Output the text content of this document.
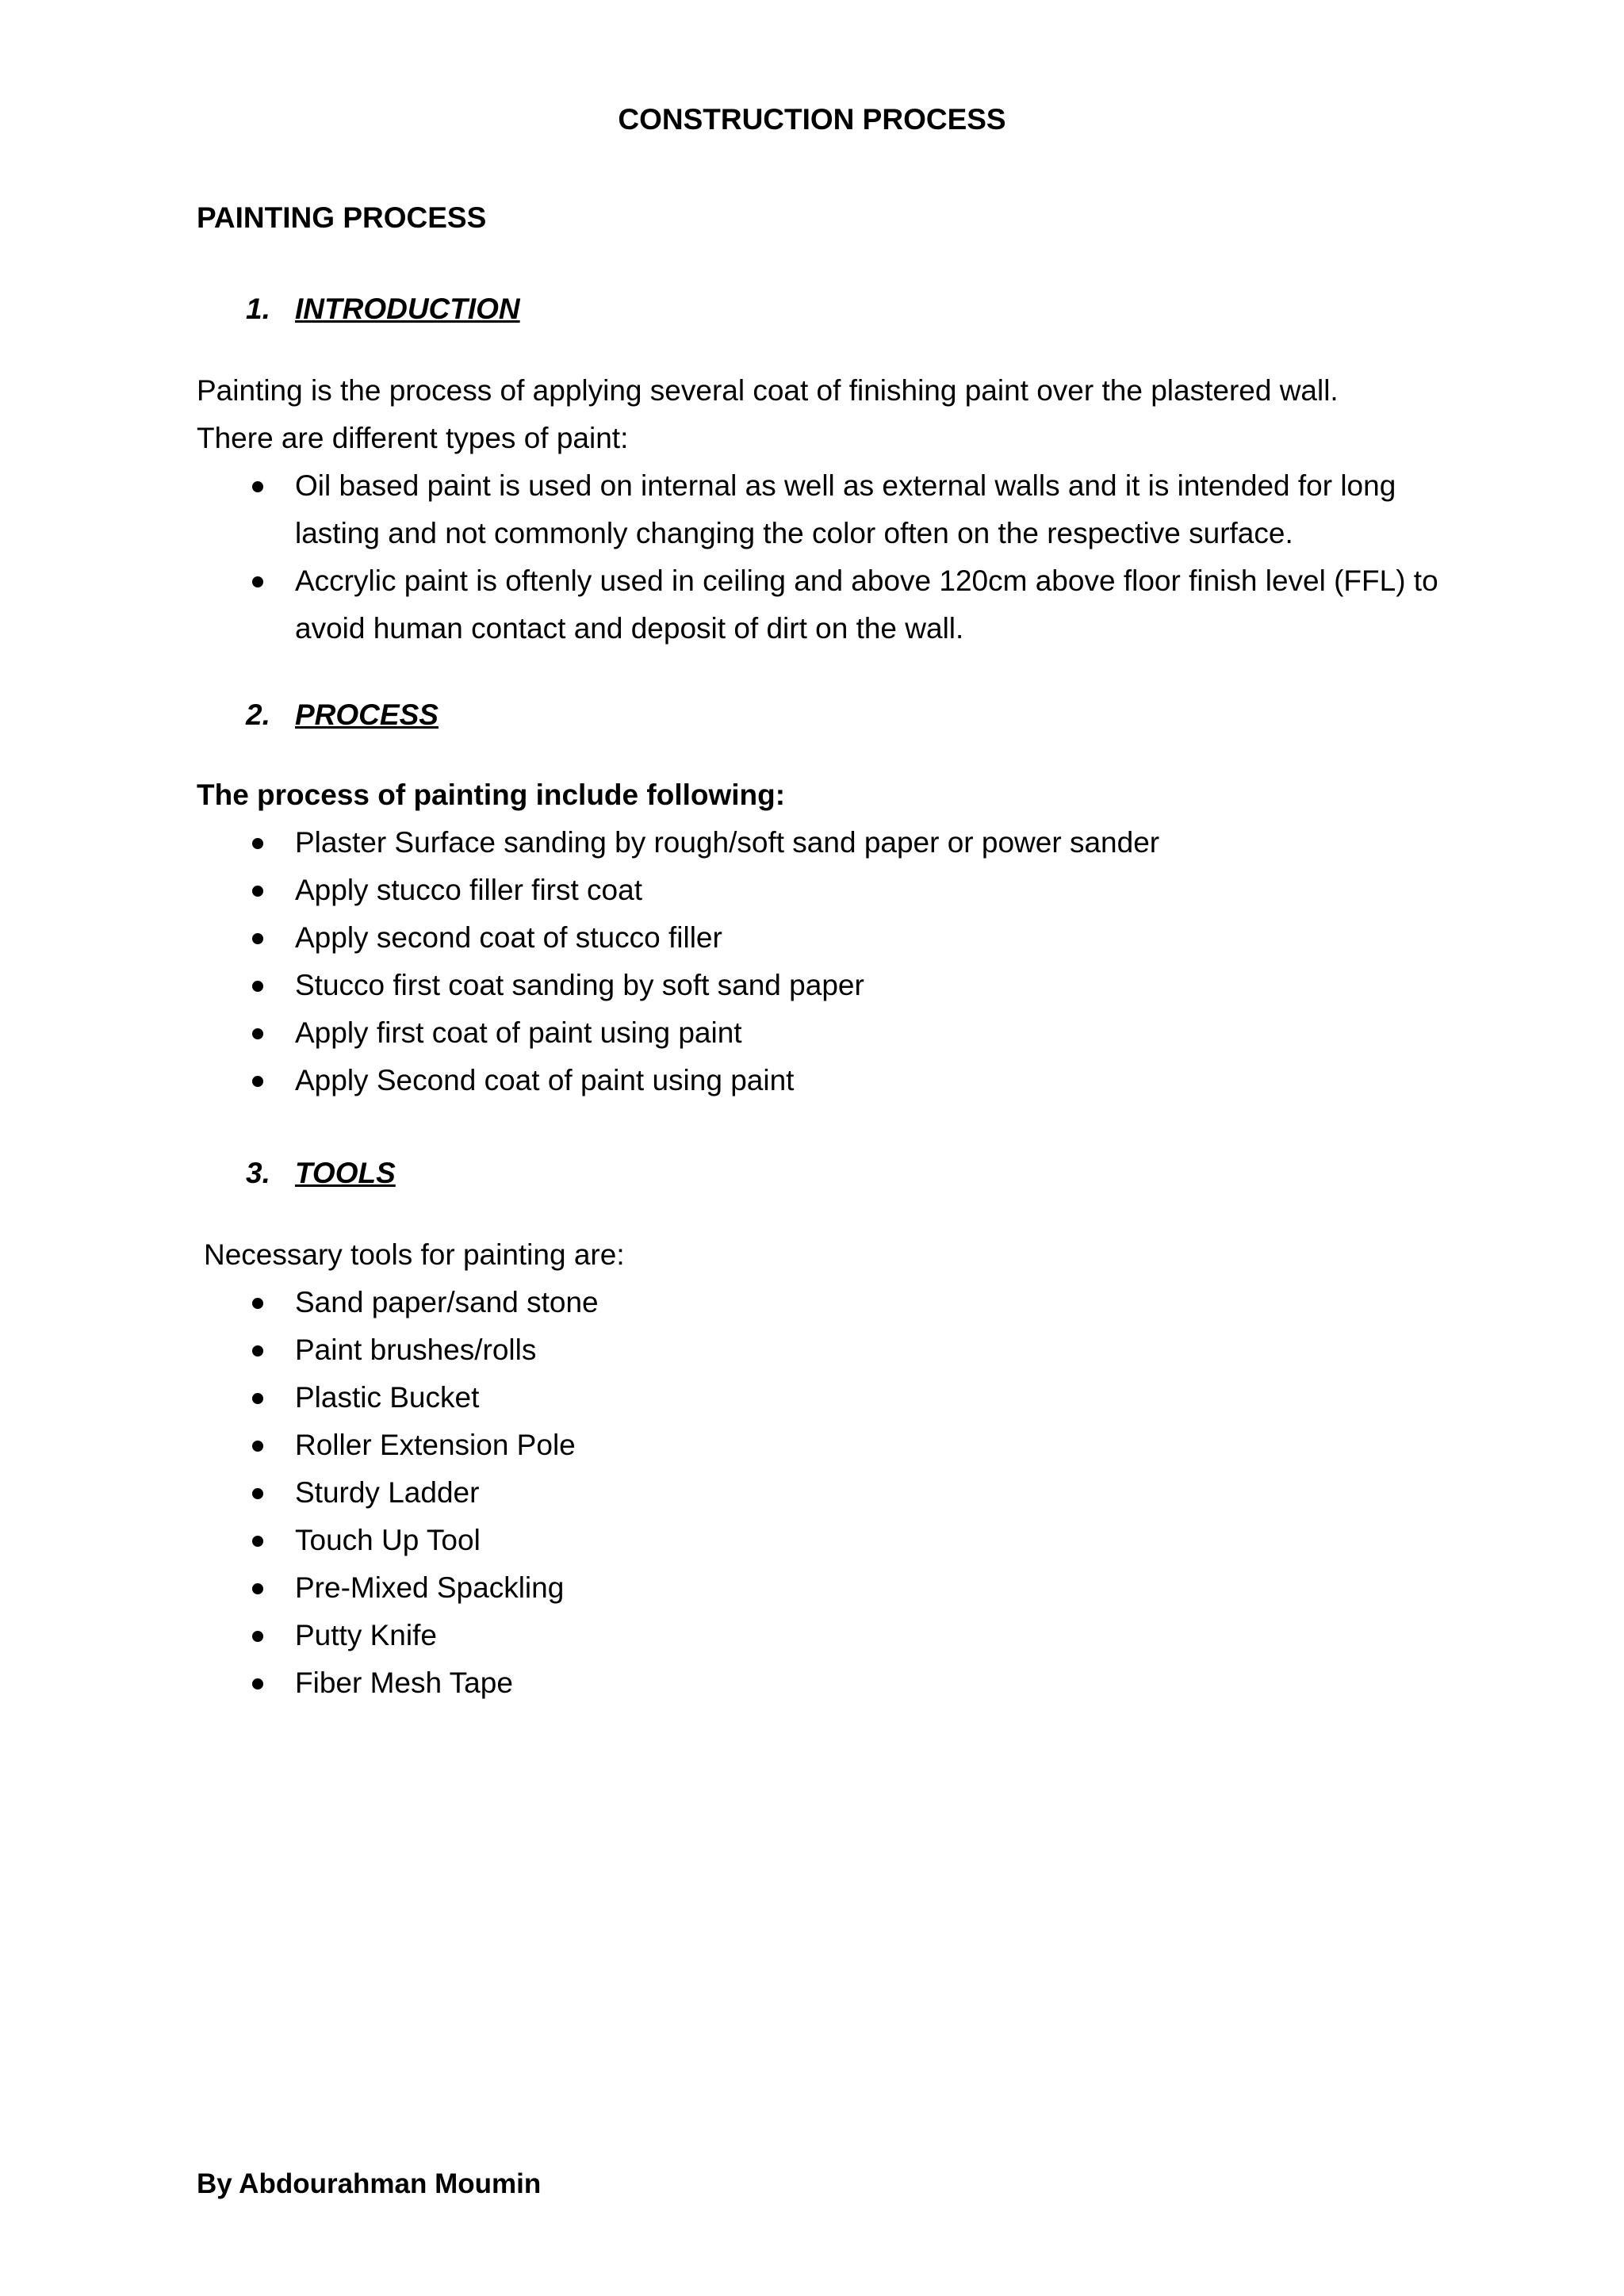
CONSTRUCTION PROCESS
PAINTING PROCESS
1. INTRODUCTION
Painting is the process of applying several coat of finishing paint over the plastered wall.
There are different types of paint:
Oil based paint is used on internal as well as external walls and it is intended for long lasting and not commonly changing the color often on the respective surface.
Accrylic paint is oftenly used in ceiling and above 120cm above floor finish level (FFL) to avoid human contact and deposit of dirt on the wall.
2. PROCESS
The process of painting include following:
Plaster Surface sanding by rough/soft sand paper or power sander
Apply stucco filler first coat
Apply second coat of stucco filler
Stucco first coat sanding by soft sand paper
Apply first coat of paint using paint
Apply Second coat of paint using paint
3. TOOLS
Necessary tools for painting are:
Sand paper/sand stone
Paint brushes/rolls
Plastic Bucket
Roller Extension Pole
Sturdy Ladder
Touch Up Tool
Pre-Mixed Spackling
Putty Knife
Fiber Mesh Tape
By Abdourahman Moumin
